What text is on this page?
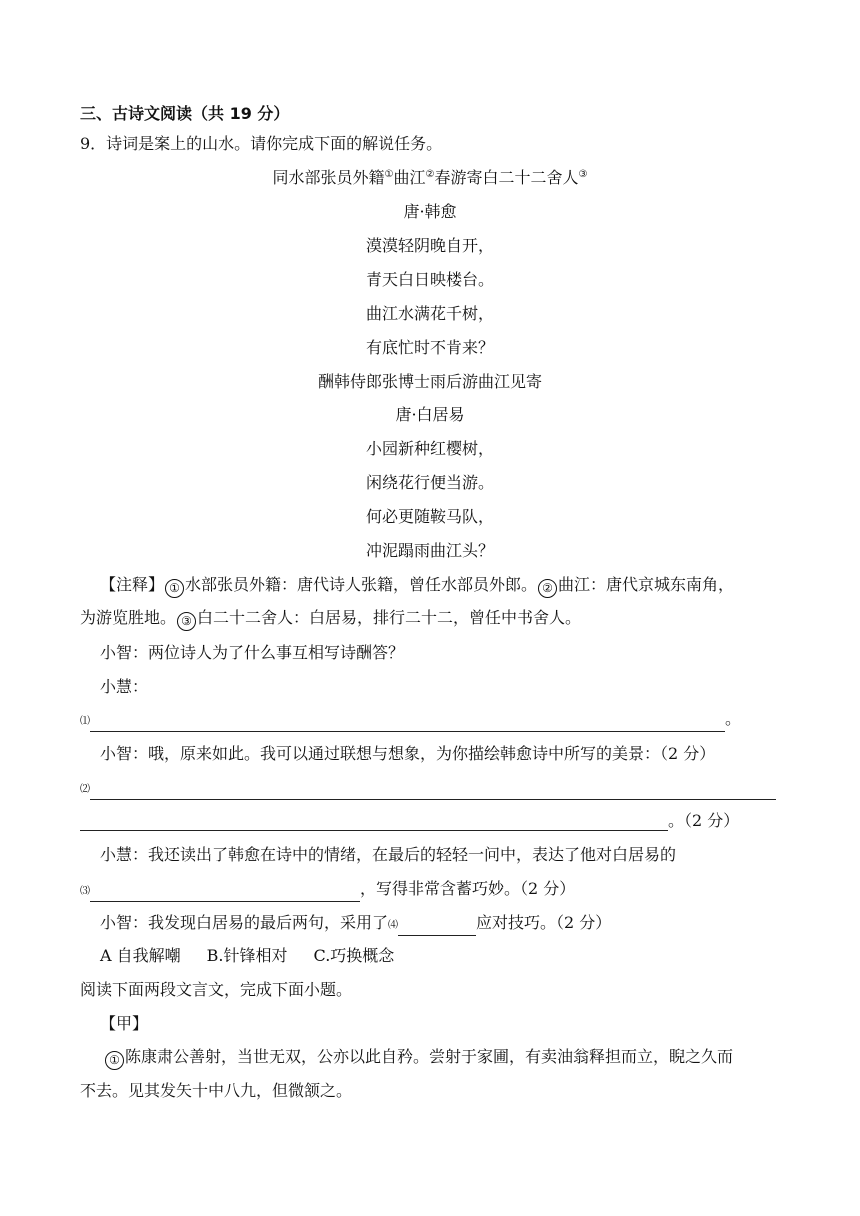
三、古诗文阅读（共 19 分）
9．诗词是案上的山水。请你完成下面的解说任务。
同水部张员外籍①曲江②春游寄白二十二舍人③
唐·韩愈
漠漠轻阴晚自开，
青天白日映楼台。
曲江水满花千树，
有底忙时不肯来？
酬韩侍郎张博士雨后游曲江见寄
唐·白居易
小园新种红樱树，
闲绕花行便当游。
何必更随鞍马队，
冲泥蹋雨曲江头？
【注释】 ① 水部张员外籍：唐代诗人张籍，曾任水部员外郎。 ② 曲江：唐代京城东南角，
为游览胜地。 ③ 白二十二舍人：白居易，排行二十二，曾任中书舍人。
小智：两位诗人为了什么事互相写诗酬答？
小慧：
⑴	。
小智：哦，原来如此。我可以通过联想与想象，为你描绘韩愈诗中所写的美景：（2 分）
⑵
。（2 分）
小慧：我还读出了韩愈在诗中的情绪，在最后的轻轻一问中，表达了他对白居易的
⑶	，写得非常含蓄巧妙。（2 分）
小智：我发现白居易的最后两句，采用了⑷	应对技巧。（2 分）
A 自我解嘲 B.针锋相对 C.巧换概念
阅读下面两段文言文，完成下面小题。
【甲】
① 陈康肃公善射，当世无双，公亦以此自矜。尝射于家圃，有卖油翁释担而立，睨之久而
不去。见其发矢十中八九，但微颔之。
